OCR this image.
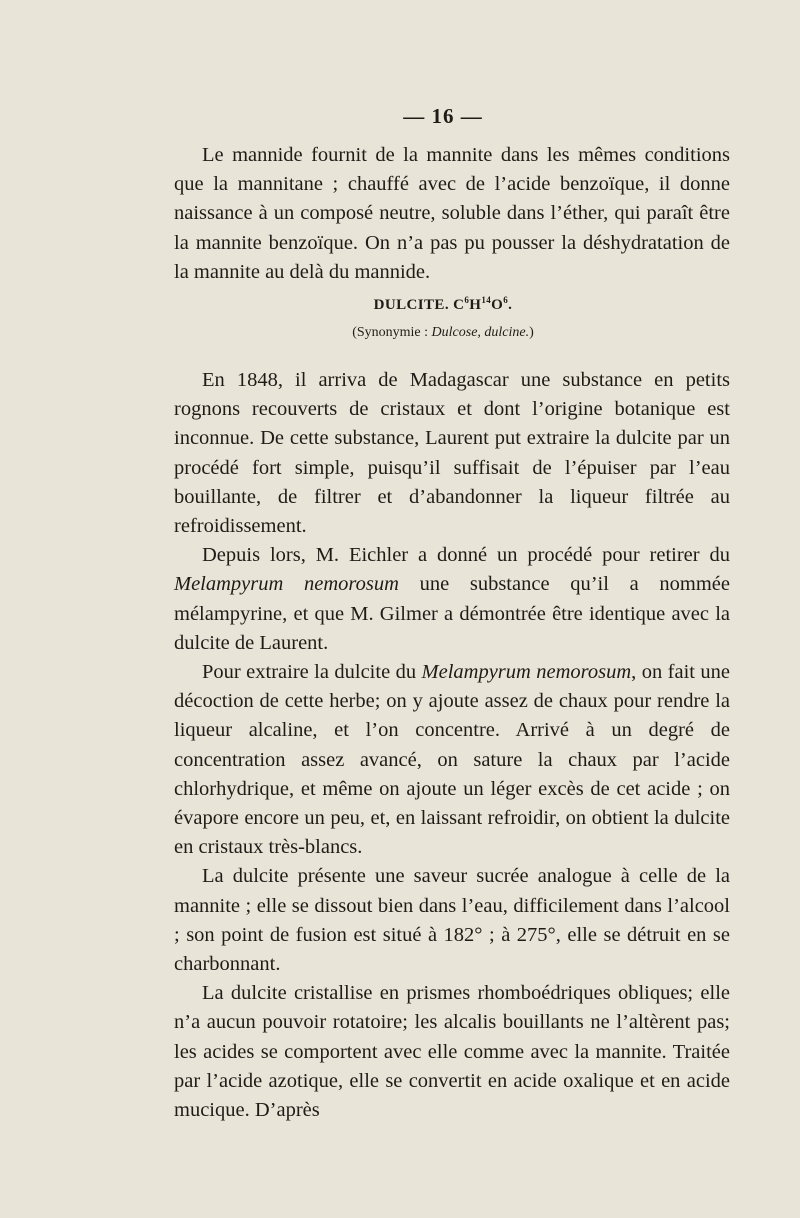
— 16 —

Le mannide fournit de la mannite dans les mêmes conditions que la mannitane ; chauffé avec de l’acide benzoïque, il donne naissance à un composé neutre, soluble dans l’éther, qui paraît être la mannite benzoïque. On n’a pas pu pousser la déshydratation de la mannite au delà du mannide.

DULCITE. $C^6H^{14}O^6$.
(Synonymie : Dulcose, dulcine.)

En 1848, il arriva de Madagascar une substance en petits rognons recouverts de cristaux et dont l’origine botanique est inconnue. De cette substance, Laurent put extraire la dulcite par un procédé fort simple, puisqu’il suffisait de l’épuiser par l’eau bouillante, de filtrer et d’abandonner la liqueur filtrée au refroidissement.

Depuis lors, M. Eichler a donné un procédé pour retirer du Melampyrum nemorosum une substance qu’il a nommée mélampyrine, et que M. Gilmer a démontrée être identique avec la dulcite de Laurent.

Pour extraire la dulcite du Melampyrum nemorosum, on fait une décoction de cette herbe; on y ajoute assez de chaux pour rendre la liqueur alcaline, et l’on concentre. Arrivé à un degré de concentration assez avancé, on sature la chaux par l’acide chlorhydrique, et même on ajoute un léger excès de cet acide ; on évapore encore un peu, et, en laissant refroidir, on obtient la dulcite en cristaux très-blancs.

La dulcite présente une saveur sucrée analogue à celle de la mannite ; elle se dissout bien dans l’eau, difficilement dans l’alcool ; son point de fusion est situé à 182° ; à 275°, elle se détruit en se charbonnant.

La dulcite cristallise en prismes rhomboédriques obliques; elle n’a aucun pouvoir rotatoire; les alcalis bouillants ne l’altèrent pas; les acides se comportent avec elle comme avec la mannite. Traitée par l’acide azotique, elle se convertit en acide oxalique et en acide mucique. D’après
